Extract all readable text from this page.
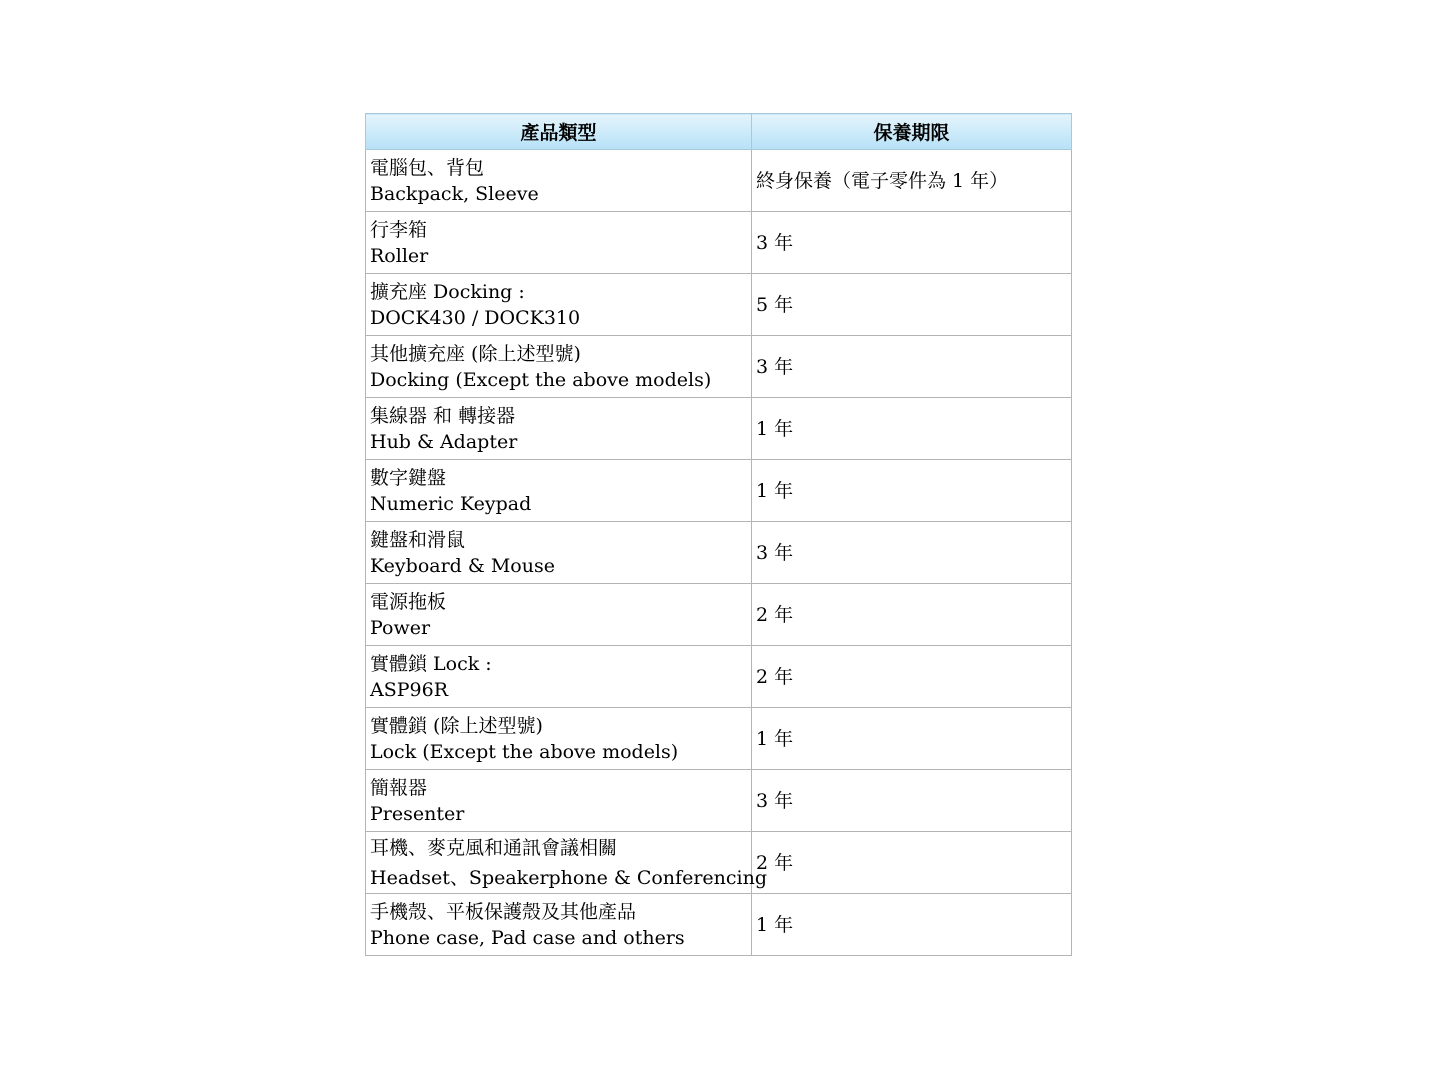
產品類型	保養期限

電腦包、背包
Backpack, Sleeve	終身保養（電子零件為 1 年）

行李箱
Roller	3 年

擴充座 Docking :
DOCK430 / DOCK310	5 年

其他擴充座 (除上述型號)
Docking (Except the above models)	3 年

集線器 和 轉接器
Hub & Adapter	1 年

數字鍵盤
Numeric Keypad	1 年

鍵盤和滑鼠
Keyboard & Mouse	3 年

電源拖板
Power	2 年

實體鎖 Lock :
ASP96R	2 年

實體鎖 (除上述型號)
Lock (Except the above models)	1 年

簡報器
Presenter	3 年

耳機、麥克風和通訊會議相關
Headset、Speakerphone & Conferencing	2 年

手機殼、平板保護殼及其他產品
Phone case, Pad case and others	1 年
